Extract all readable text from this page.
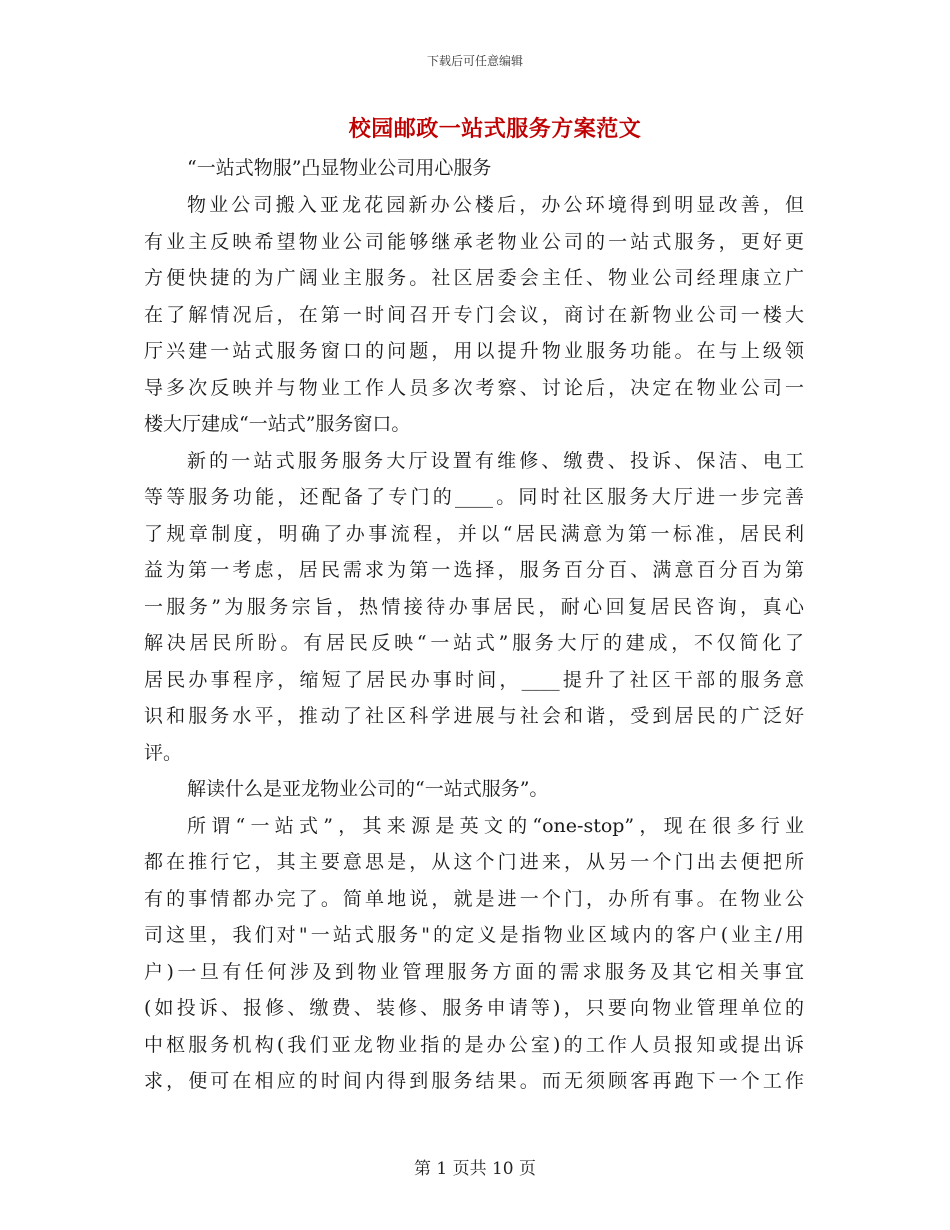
下载后可任意编辑
校园邮政一站式服务方案范文
“一站式物服”凸显物业公司用心服务
物业公司搬入亚龙花园新办公楼后，办公环境得到明显改善，但
有业主反映希望物业公司能够继承老物业公司的一站式服务，更好更
方便快捷的为广阔业主服务。社区居委会主任、物业公司经理康立广
在了解情况后，在第一时间召开专门会议，商讨在新物业公司一楼大
厅兴建一站式服务窗口的问题，用以提升物业服务功能。在与上级领
导多次反映并与物业工作人员多次考察、讨论后，决定在物业公司一
楼大厅建成“一站式”服务窗口。
新的一站式服务服务大厅设置有维修、缴费、投诉、保洁、电工
等等服务功能，还配备了专门的____。同时社区服务大厅进一步完善
了规章制度，明确了办事流程，并以“居民满意为第一标准，居民利
益为第一考虑，居民需求为第一选择，服务百分百、满意百分百为第
一服务”为服务宗旨，热情接待办事居民，耐心回复居民咨询，真心
解决居民所盼。有居民反映“一站式”服务大厅的建成，不仅简化了
居民办事程序，缩短了居民办事时间，____提升了社区干部的服务意
识和服务水平，推动了社区科学进展与社会和谐，受到居民的广泛好
评。
解读什么是亚龙物业公司的“一站式服务”。
所谓“一站式”，其来源是英文的“one-stop”，现在很多行业
都在推行它，其主要意思是，从这个门进来，从另一个门出去便把所
有的事情都办完了。简单地说，就是进一个门，办所有事。在物业公
司这里，我们对"一站式服务"的定义是指物业区域内的客户(业主/用
户)一旦有任何涉及到物业管理服务方面的需求服务及其它相关事宜
(如投诉、报修、缴费、装修、服务申请等)，只要向物业管理单位的
中枢服务机构(我们亚龙物业指的是办公室)的工作人员报知或提出诉
求，便可在相应的时间内得到服务结果。而无须顾客再跑下一个工作
第 1 页共 10 页
